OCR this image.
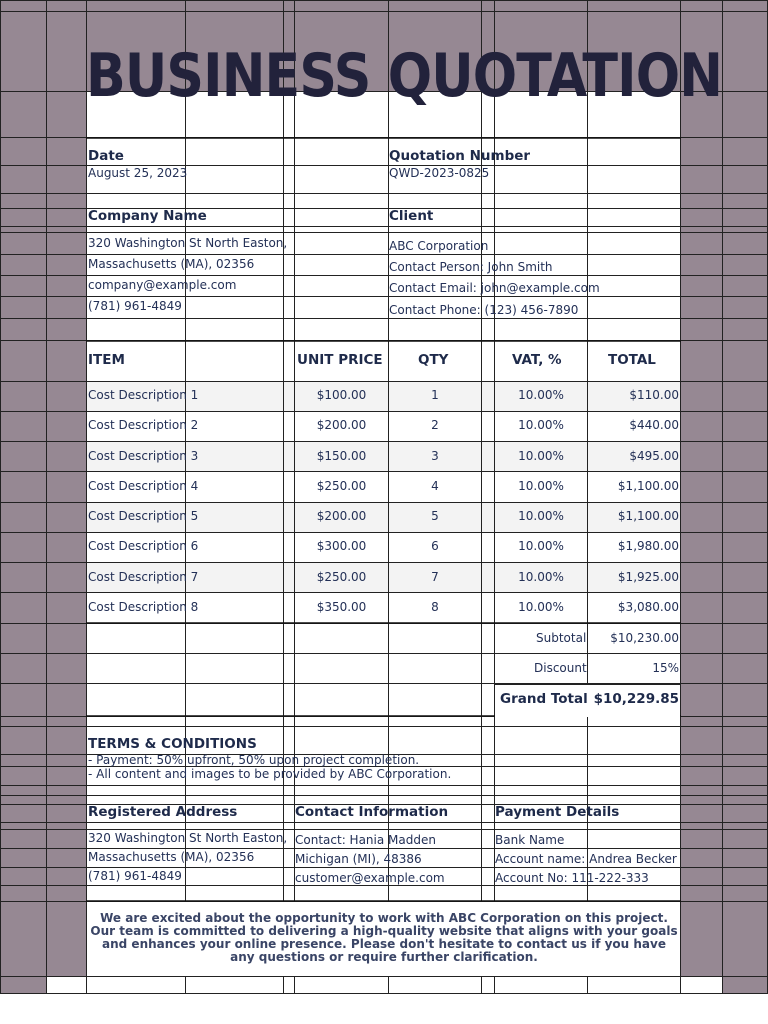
BUSINESS QUOTATION
Date
August 25, 2023
Quotation Number
QWD-2023-0825
Company Name
320 Washington St North Easton,
Massachusetts (MA), 02356
company@example.com
(781) 961-4849
Client
ABC Corporation
Contact Person: John Smith
Contact Email: john@example.com
Contact Phone: (123) 456-7890
ITEM	UNIT PRICE	QTY	VAT, %	TOTAL
Cost Description 1	$100.00	1	10.00%	$110.00
Cost Description 2	$200.00	2	10.00%	$440.00
Cost Description 3	$150.00	3	10.00%	$495.00
Cost Description 4	$250.00	4	10.00%	$1,100.00
Cost Description 5	$200.00	5	10.00%	$1,100.00
Cost Description 6	$300.00	6	10.00%	$1,980.00
Cost Description 7	$250.00	7	10.00%	$1,925.00
Cost Description 8	$350.00	8	10.00%	$3,080.00
Subtotal $10,230.00
Discount	15%
Grand Total $10,229.85
TERMS & CONDITIONS
- Payment: 50% upfront, 50% upon project completion.
- All content and images to be provided by ABC Corporation.
Registered Address
320 Washington St North Easton,
Massachusetts (MA), 02356
(781) 961-4849
Contact Information
Contact: Hania Madden
Michigan (MI), 48386
customer@example.com
Payment Details
Bank Name
Account name: Andrea Becker
Account No: 111-222-333
We are excited about the opportunity to work with ABC Corporation on this project. Our team is committed to delivering a high-quality website that aligns with your goals and enhances your online presence. Please don't hesitate to contact us if you have any questions or require further clarification.
